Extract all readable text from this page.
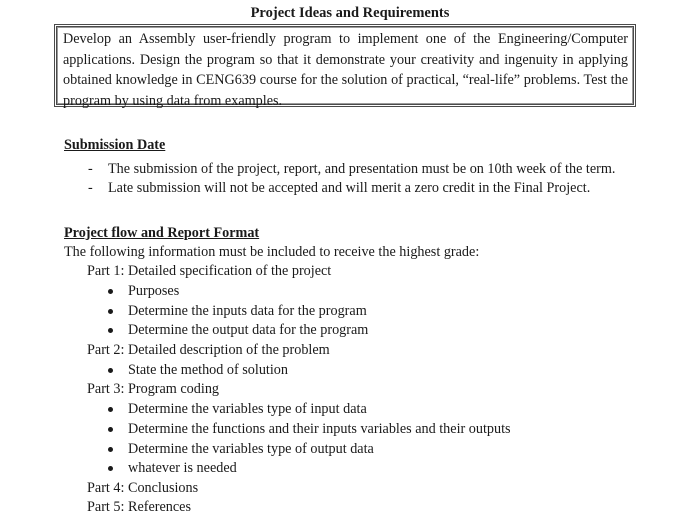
Project Ideas and Requirements
Develop an Assembly user-friendly program to implement one of the Engineering/Computer applications. Design the program so that it demonstrate your creativity and ingenuity in applying obtained knowledge in CENG639 course for the solution of practical, “real-life” problems. Test the program by using data from examples.
Submission Date
- The submission of the project, report, and presentation must be on 10th week of the term.
- Late submission will not be accepted and will merit a zero credit in the Final Project.
Project flow and Report Format
The following information must be included to receive the highest grade:
Part 1: Detailed specification of the project
Purposes
Determine the inputs data for the program
Determine the output data for the program
Part 2: Detailed description of the problem
State the method of solution
Part 3: Program coding
Determine the variables type of input data
Determine the functions and their inputs variables and their outputs
Determine the variables type of output data
whatever is needed
Part 4: Conclusions
Part 5: References
